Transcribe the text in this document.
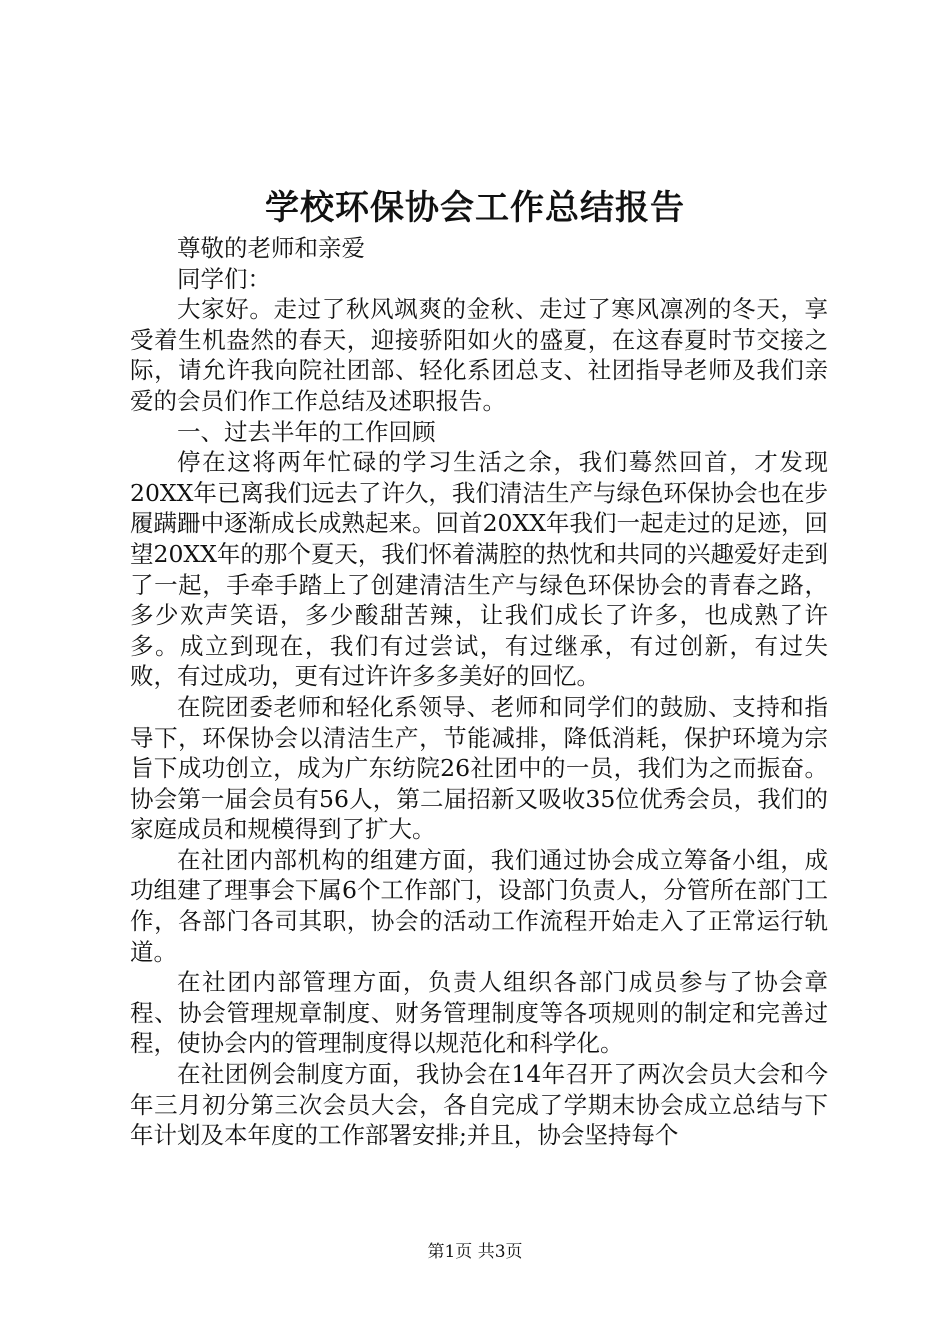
学校环保协会工作总结报告

尊敬的老师和亲爱

同学们：

大家好。走过了秋风飒爽的金秋、走过了寒风凛冽的冬天，享受着生机盎然的春天，迎接骄阳如火的盛夏，在这春夏时节交接之际，请允许我向院社团部、轻化系团总支、社团指导老师及我们亲爱的会员们作工作总结及述职报告。

一、过去半年的工作回顾

停在这将两年忙碌的学习生活之余，我们蓦然回首，才发现20XX年已离我们远去了许久，我们清洁生产与绿色环保协会也在步履蹒跚中逐渐成长成熟起来。回首20XX年我们一起走过的足迹，回望20XX年的那个夏天，我们怀着满腔的热忱和共同的兴趣爱好走到了一起，手牵手踏上了创建清洁生产与绿色环保协会的青春之路，多少欢声笑语，多少酸甜苦辣，让我们成长了许多，也成熟了许多。成立到现在，我们有过尝试，有过继承，有过创新，有过失败，有过成功，更有过许许多多美好的回忆。

在院团委老师和轻化系领导、老师和同学们的鼓励、支持和指导下，环保协会以清洁生产，节能减排，降低消耗，保护环境为宗旨下成功创立，成为广东纺院26社团中的一员，我们为之而振奋。协会第一届会员有56人，第二届招新又吸收35位优秀会员，我们的家庭成员和规模得到了扩大。

在社团内部机构的组建方面，我们通过协会成立筹备小组，成功组建了理事会下属6个工作部门，设部门负责人，分管所在部门工作，各部门各司其职，协会的活动工作流程开始走入了正常运行轨道。

在社团内部管理方面，负责人组织各部门成员参与了协会章程、协会管理规章制度、财务管理制度等各项规则的制定和完善过程，使协会内的管理制度得以规范化和科学化。

在社团例会制度方面，我协会在14年召开了两次会员大会和今年三月初分第三次会员大会，各自完成了学期末协会成立总结与下年计划及本年度的工作部署安排;并且，协会坚持每个

第1页 共3页
